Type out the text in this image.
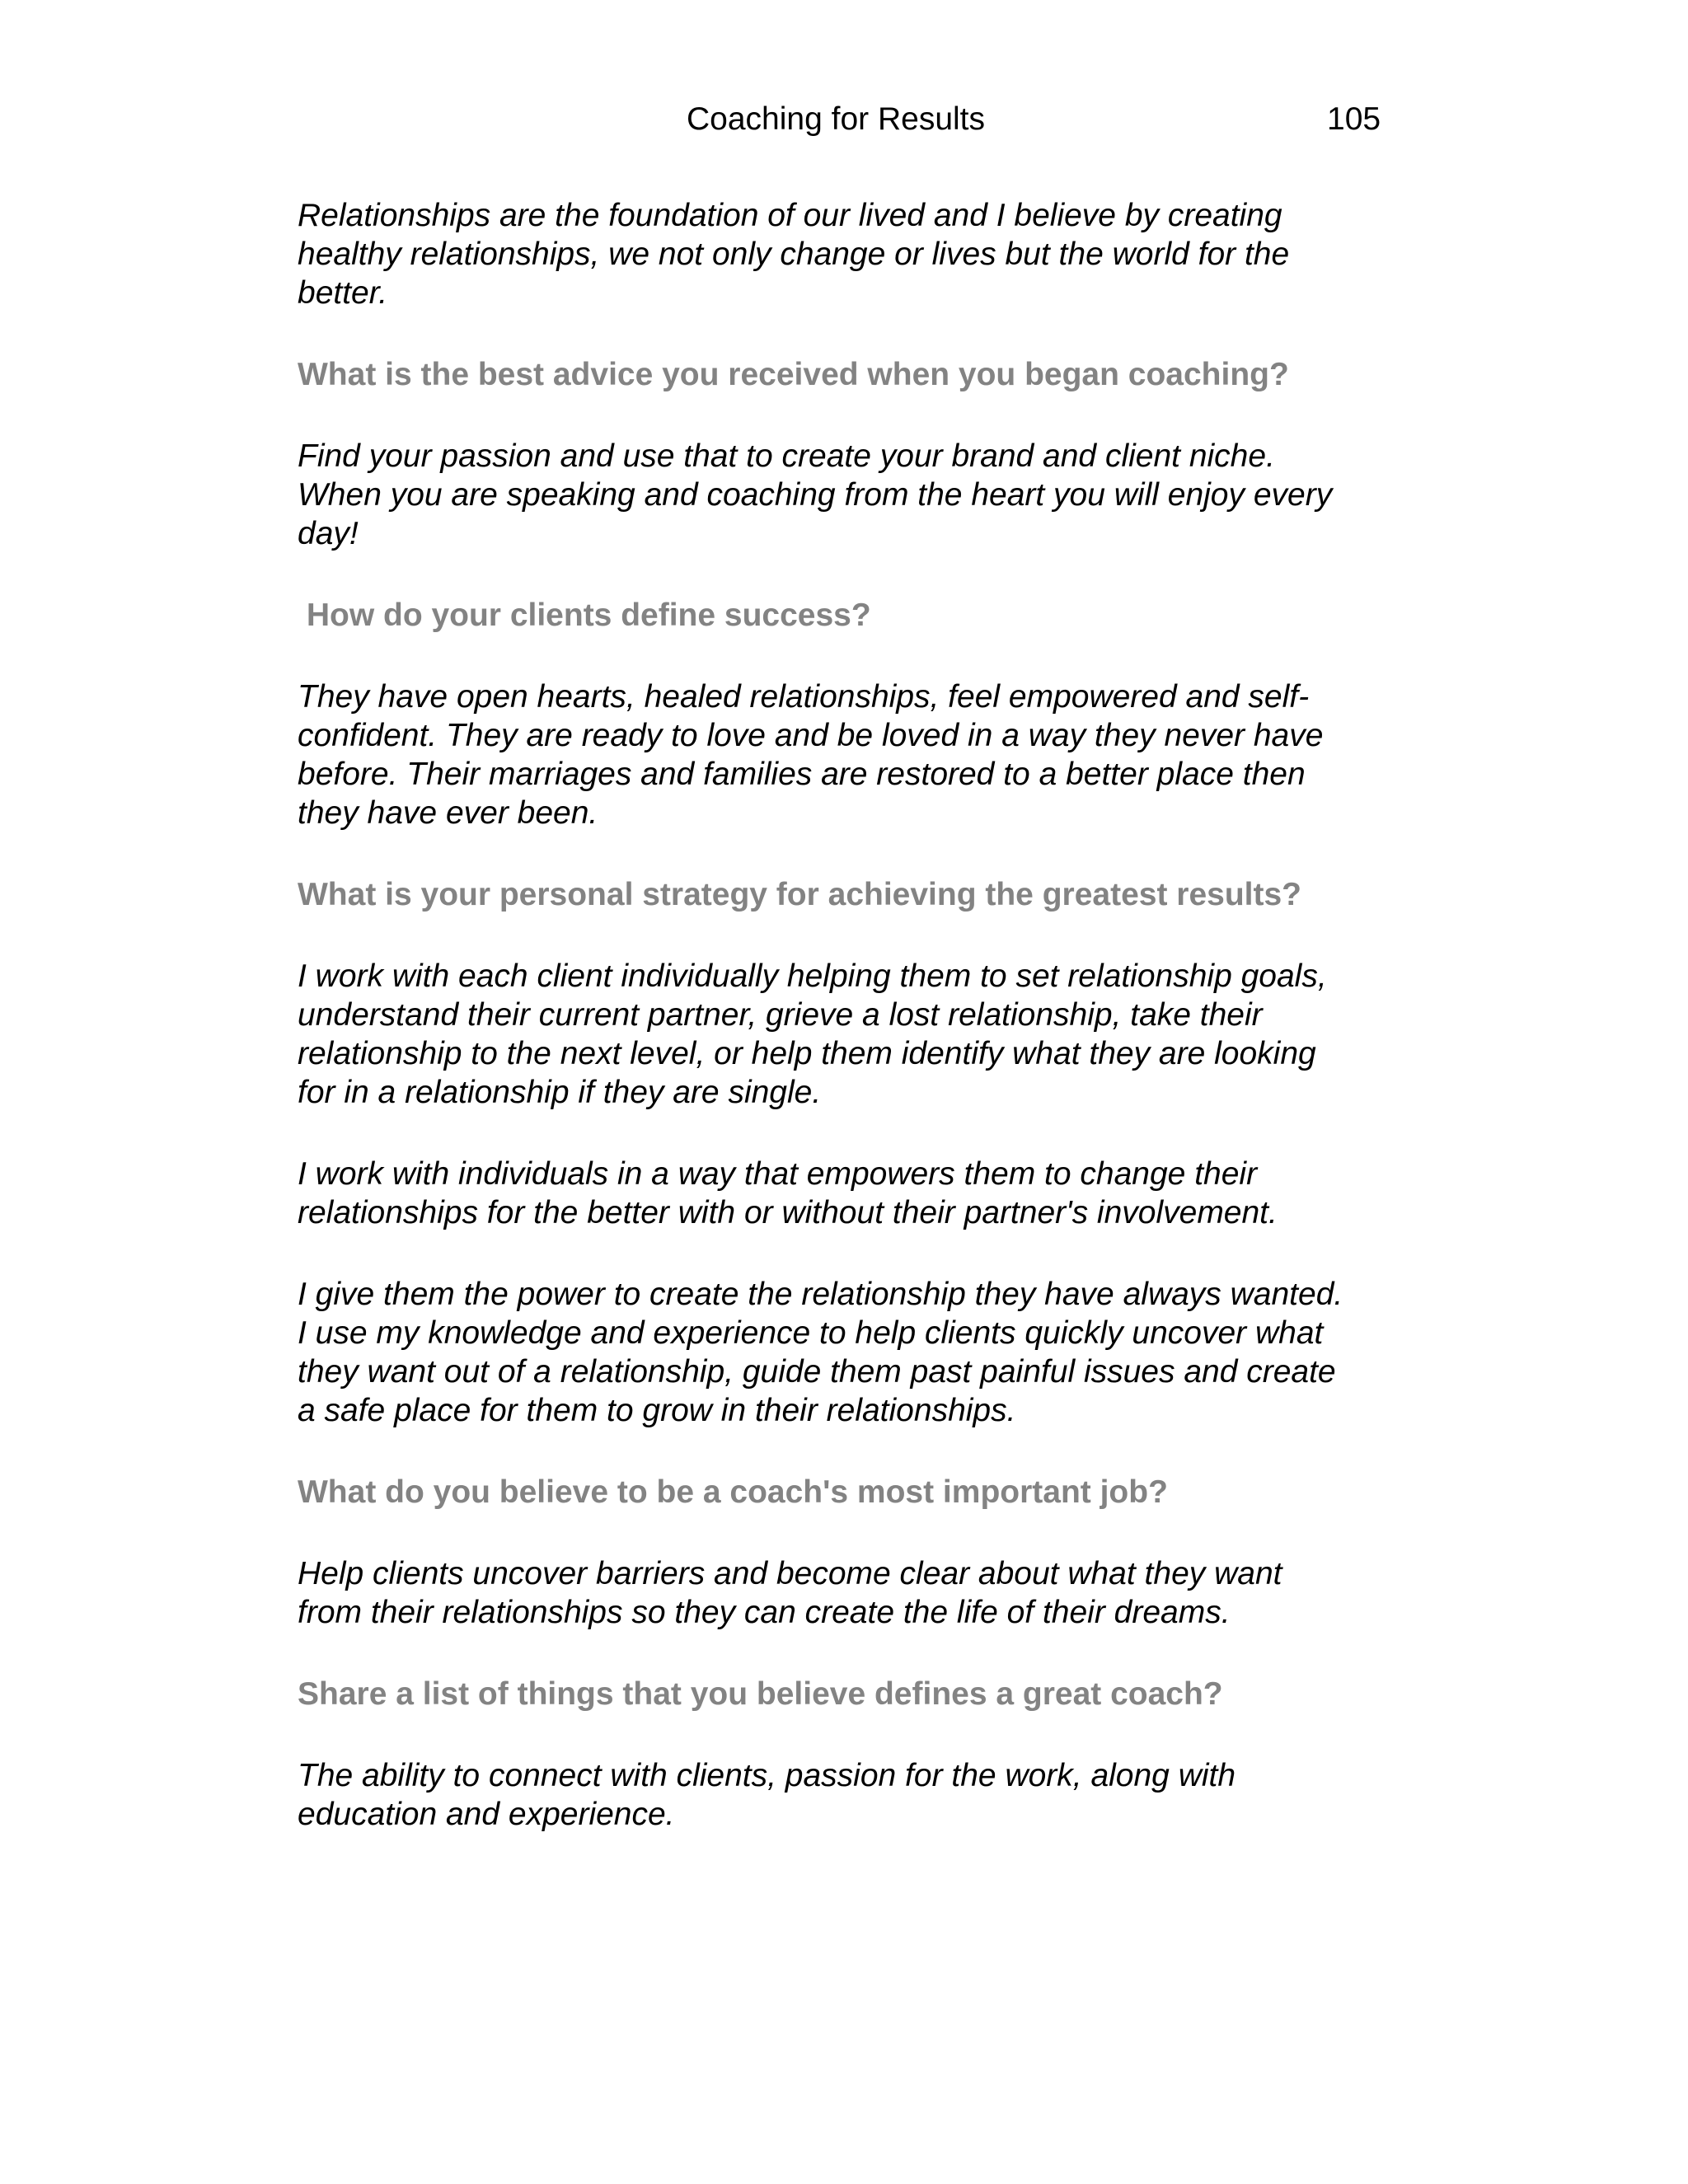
Coaching for Results	105

Relationships are the foundation of our lived and I believe by creating
healthy relationships, we not only change or lives but the world for the
better.

What is the best advice you received when you began coaching?

Find your passion and use that to create your brand and client niche.
When you are speaking and coaching from the heart you will enjoy every
day!

How do your clients define success?

They have open hearts, healed relationships, feel empowered and self-
confident. They are ready to love and be loved in a way they never have
before. Their marriages and families are restored to a better place then
they have ever been.

What is your personal strategy for achieving the greatest results?

I work with each client individually helping them to set relationship goals,
understand their current partner, grieve a lost relationship, take their
relationship to the next level, or help them identify what they are looking
for in a relationship if they are single.

I work with individuals in a way that empowers them to change their
relationships for the better with or without their partner's involvement.

I give them the power to create the relationship they have always wanted.
I use my knowledge and experience to help clients quickly uncover what
they want out of a relationship, guide them past painful issues and create
a safe place for them to grow in their relationships.

What do you believe to be a coach's most important job?

Help clients uncover barriers and become clear about what they want
from their relationships so they can create the life of their dreams.

Share a list of things that you believe defines a great coach?

The ability to connect with clients, passion for the work, along with
education and experience.
